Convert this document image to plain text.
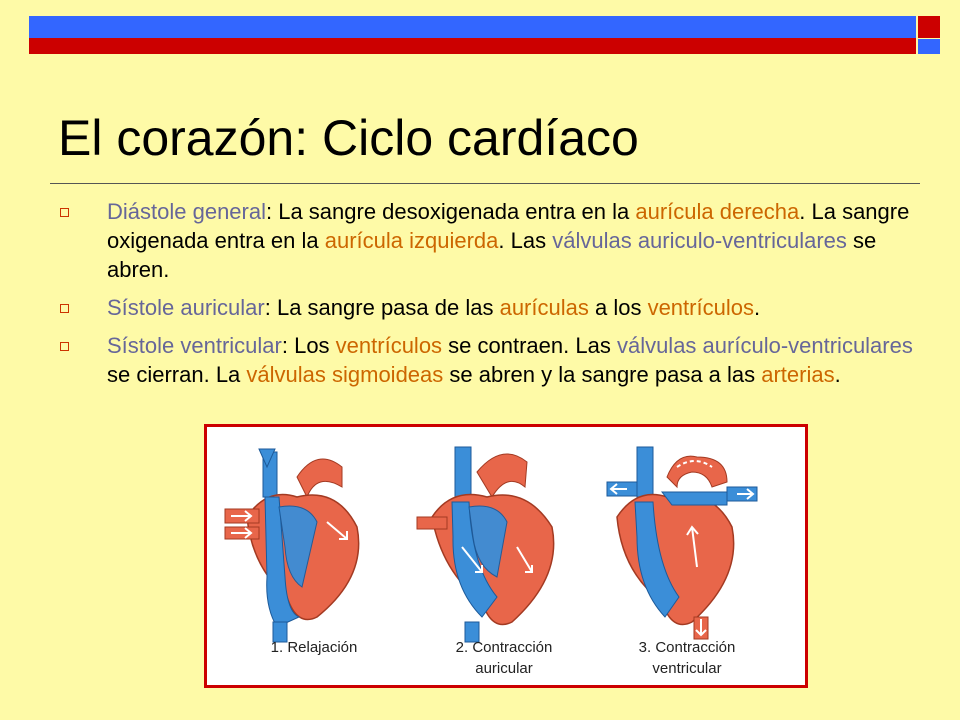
El corazón: Ciclo cardíaco
Diástole general: La sangre desoxigenada entra en la aurícula derecha. La sangre oxigenada entra en la aurícula izquierda. Las válvulas auriculo-ventriculares se abren.
Sístole auricular: La sangre pasa de las aurículas a los ventrículos.
Sístole ventricular: Los ventrículos se contraen. Las válvulas aurículo-ventriculares se cierran. La válvulas sigmoideas se abren y la sangre pasa a las arterias.
1. Relajación	2. Contracción
auricular
3. Contracción
ventricular
